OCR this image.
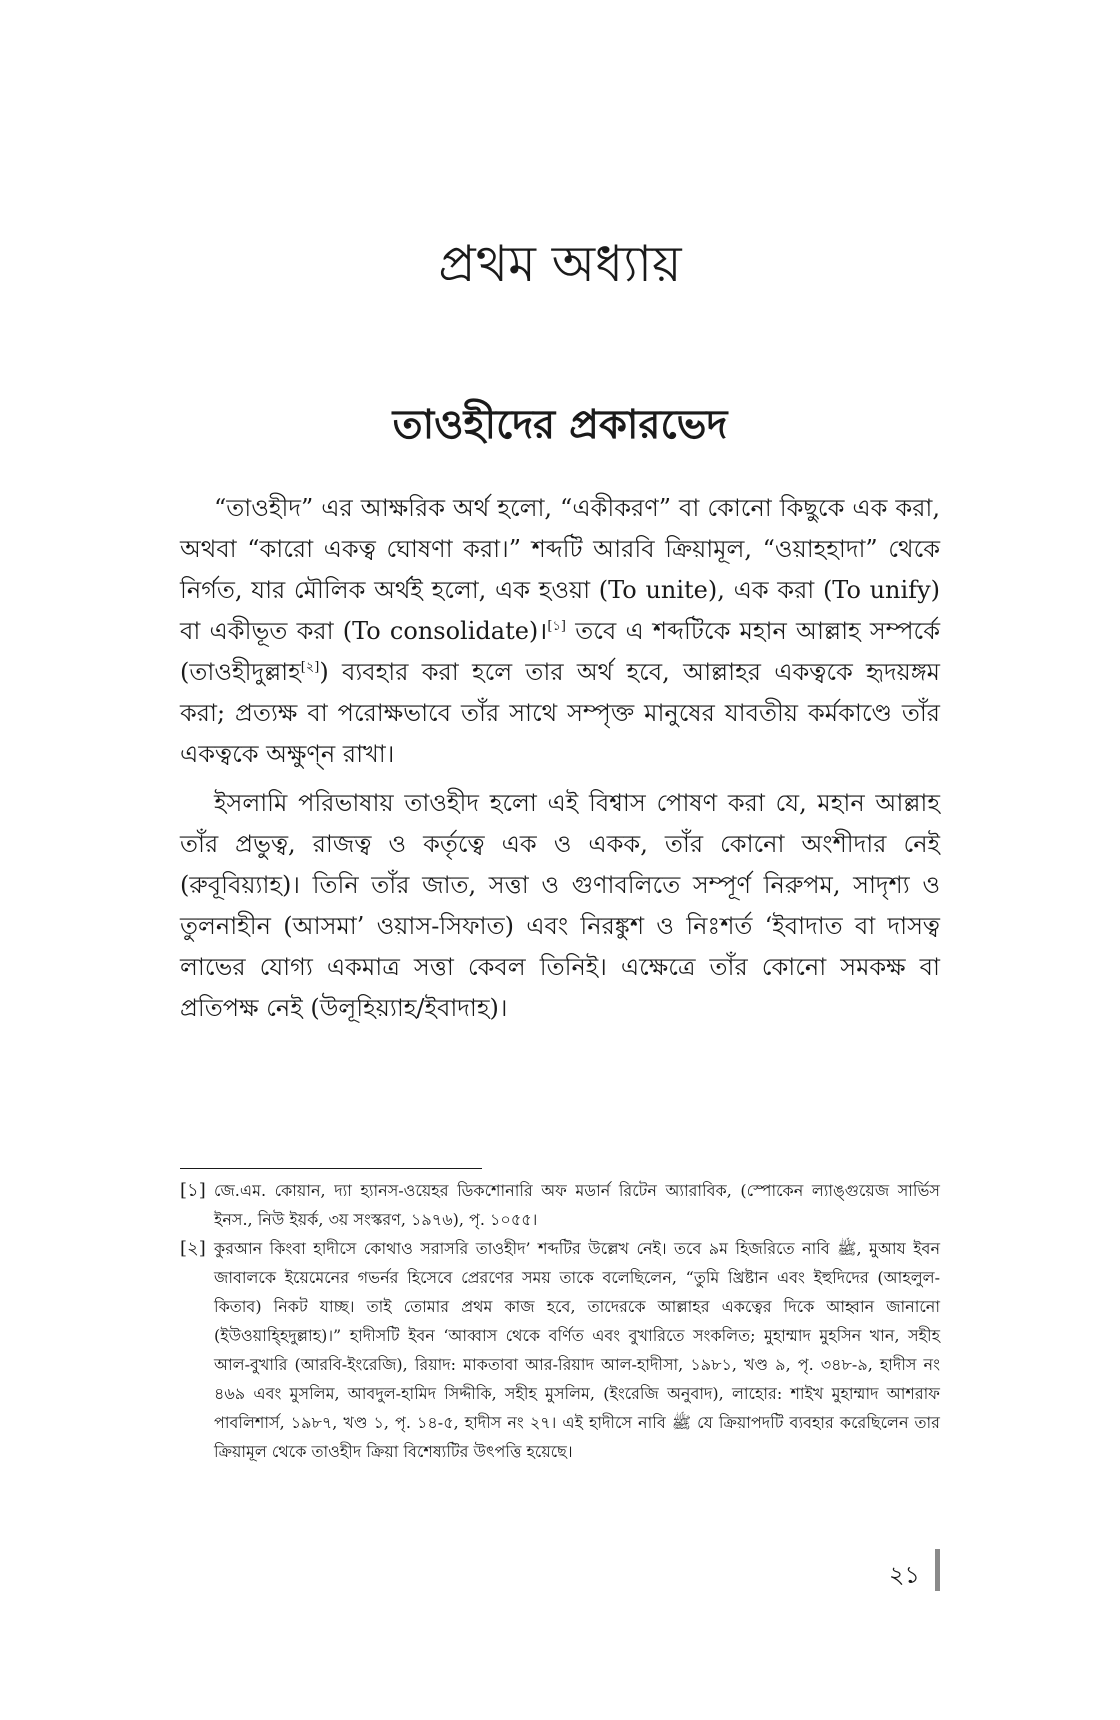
প্রথম অধ্যায়
তাওহীদের প্রকারভেদ

“তাওহীদ” এর আক্ষরিক অর্থ হলো, “একীকরণ” বা কোনো কিছুকে এক করা, অথবা “কারো একত্ব ঘোষণা করা।” শব্দটি আরবি ক্রিয়ামূল, “ওয়াহহাদা” থেকে নির্গত, যার মৌলিক অর্থই হলো, এক হওয়া (To unite), এক করা (To unify) বা একীভূত করা (To consolidate)।[১] তবে এ শব্দটিকে মহান আল্লাহ সম্পর্কে (তাওহীদুল্লাহ[২]) ব্যবহার করা হলে তার অর্থ হবে, আল্লাহর একত্বকে হৃদয়ঙ্গম করা; প্রত্যক্ষ বা পরোক্ষভাবে তাঁর সাথে সম্পৃক্ত মানুষের যাবতীয় কর্মকাণ্ডে তাঁর একত্বকে অক্ষুণ্ন রাখা।

ইসলামি পরিভাষায় তাওহীদ হলো এই বিশ্বাস পোষণ করা যে, মহান আল্লাহ তাঁর প্রভুত্ব, রাজত্ব ও কর্তৃত্বে এক ও একক, তাঁর কোনো অংশীদার নেই (রুবূবিয়্যাহ)। তিনি তাঁর জাত, সত্তা ও গুণাবলিতে সম্পূর্ণ নিরুপম, সাদৃশ্য ও তুলনাহীন (আসমা’ ওয়াস-সিফাত) এবং নিরঙ্কুশ ও নিঃশর্ত ‘ইবাদাত বা দাসত্ব লাভের যোগ্য একমাত্র সত্তা কেবল তিনিই। এক্ষেত্রে তাঁর কোনো সমকক্ষ বা প্রতিপক্ষ নেই (উলূহিয়্যাহ/ইবাদাহ)।

[১] জে.এম. কোয়ান, দ্যা হ্যানস-ওয়েহর ডিকশোনারি অফ মডার্ন রিটেন অ্যারাবিক, (স্পোকেন ল্যাঙ্গুয়েজ সার্ভিস ইনস., নিউ ইয়র্ক, ৩য় সংস্করণ, ১৯৭৬), পৃ. ১০৫৫।
[২] কুরআন কিংবা হাদীসে কোথাও সরাসরি তাওহীদ’ শব্দটির উল্লেখ নেই। তবে ৯ম হিজরিতে নাবি ﷺ, মুআয ইবন জাবালকে ইয়েমেনের গভর্নর হিসেবে প্রেরণের সময় তাকে বলেছিলেন, “তুমি খ্রিষ্টান এবং ইহুদিদের (আহলুল-কিতাব) নিকট যাচ্ছ। তাই তোমার প্রথম কাজ হবে, তাদেরকে আল্লাহর একত্বের দিকে আহ্বান জানানো (ইউওয়াহ্হিদুল্লাহ)।” হাদীসটি ইবন ‘আব্বাস থেকে বর্ণিত এবং বুখারিতে সংকলিত; মুহাম্মাদ মুহসিন খান, সহীহ আল-বুখারি (আরবি-ইংরেজি), রিয়াদ: মাকতাবা আর-রিয়াদ আল-হাদীসা, ১৯৮১, খণ্ড ৯, পৃ. ৩৪৮-৯, হাদীস নং ৪৬৯ এবং মুসলিম, আবদুল-হামিদ সিদ্দীকি, সহীহ মুসলিম, (ইংরেজি অনুবাদ), লাহোর: শাইখ মুহাম্মাদ আশরাফ পাবলিশার্স, ১৯৮৭, খণ্ড ১, পৃ. ১৪-৫, হাদীস নং ২৭। এই হাদীসে নাবি ﷺ যে ক্রিয়াপদটি ব্যবহার করেছিলেন তার ক্রিয়ামূল থেকে তাওহীদ ক্রিয়া বিশেষ্যটির উৎপত্তি হয়েছে।
২১
